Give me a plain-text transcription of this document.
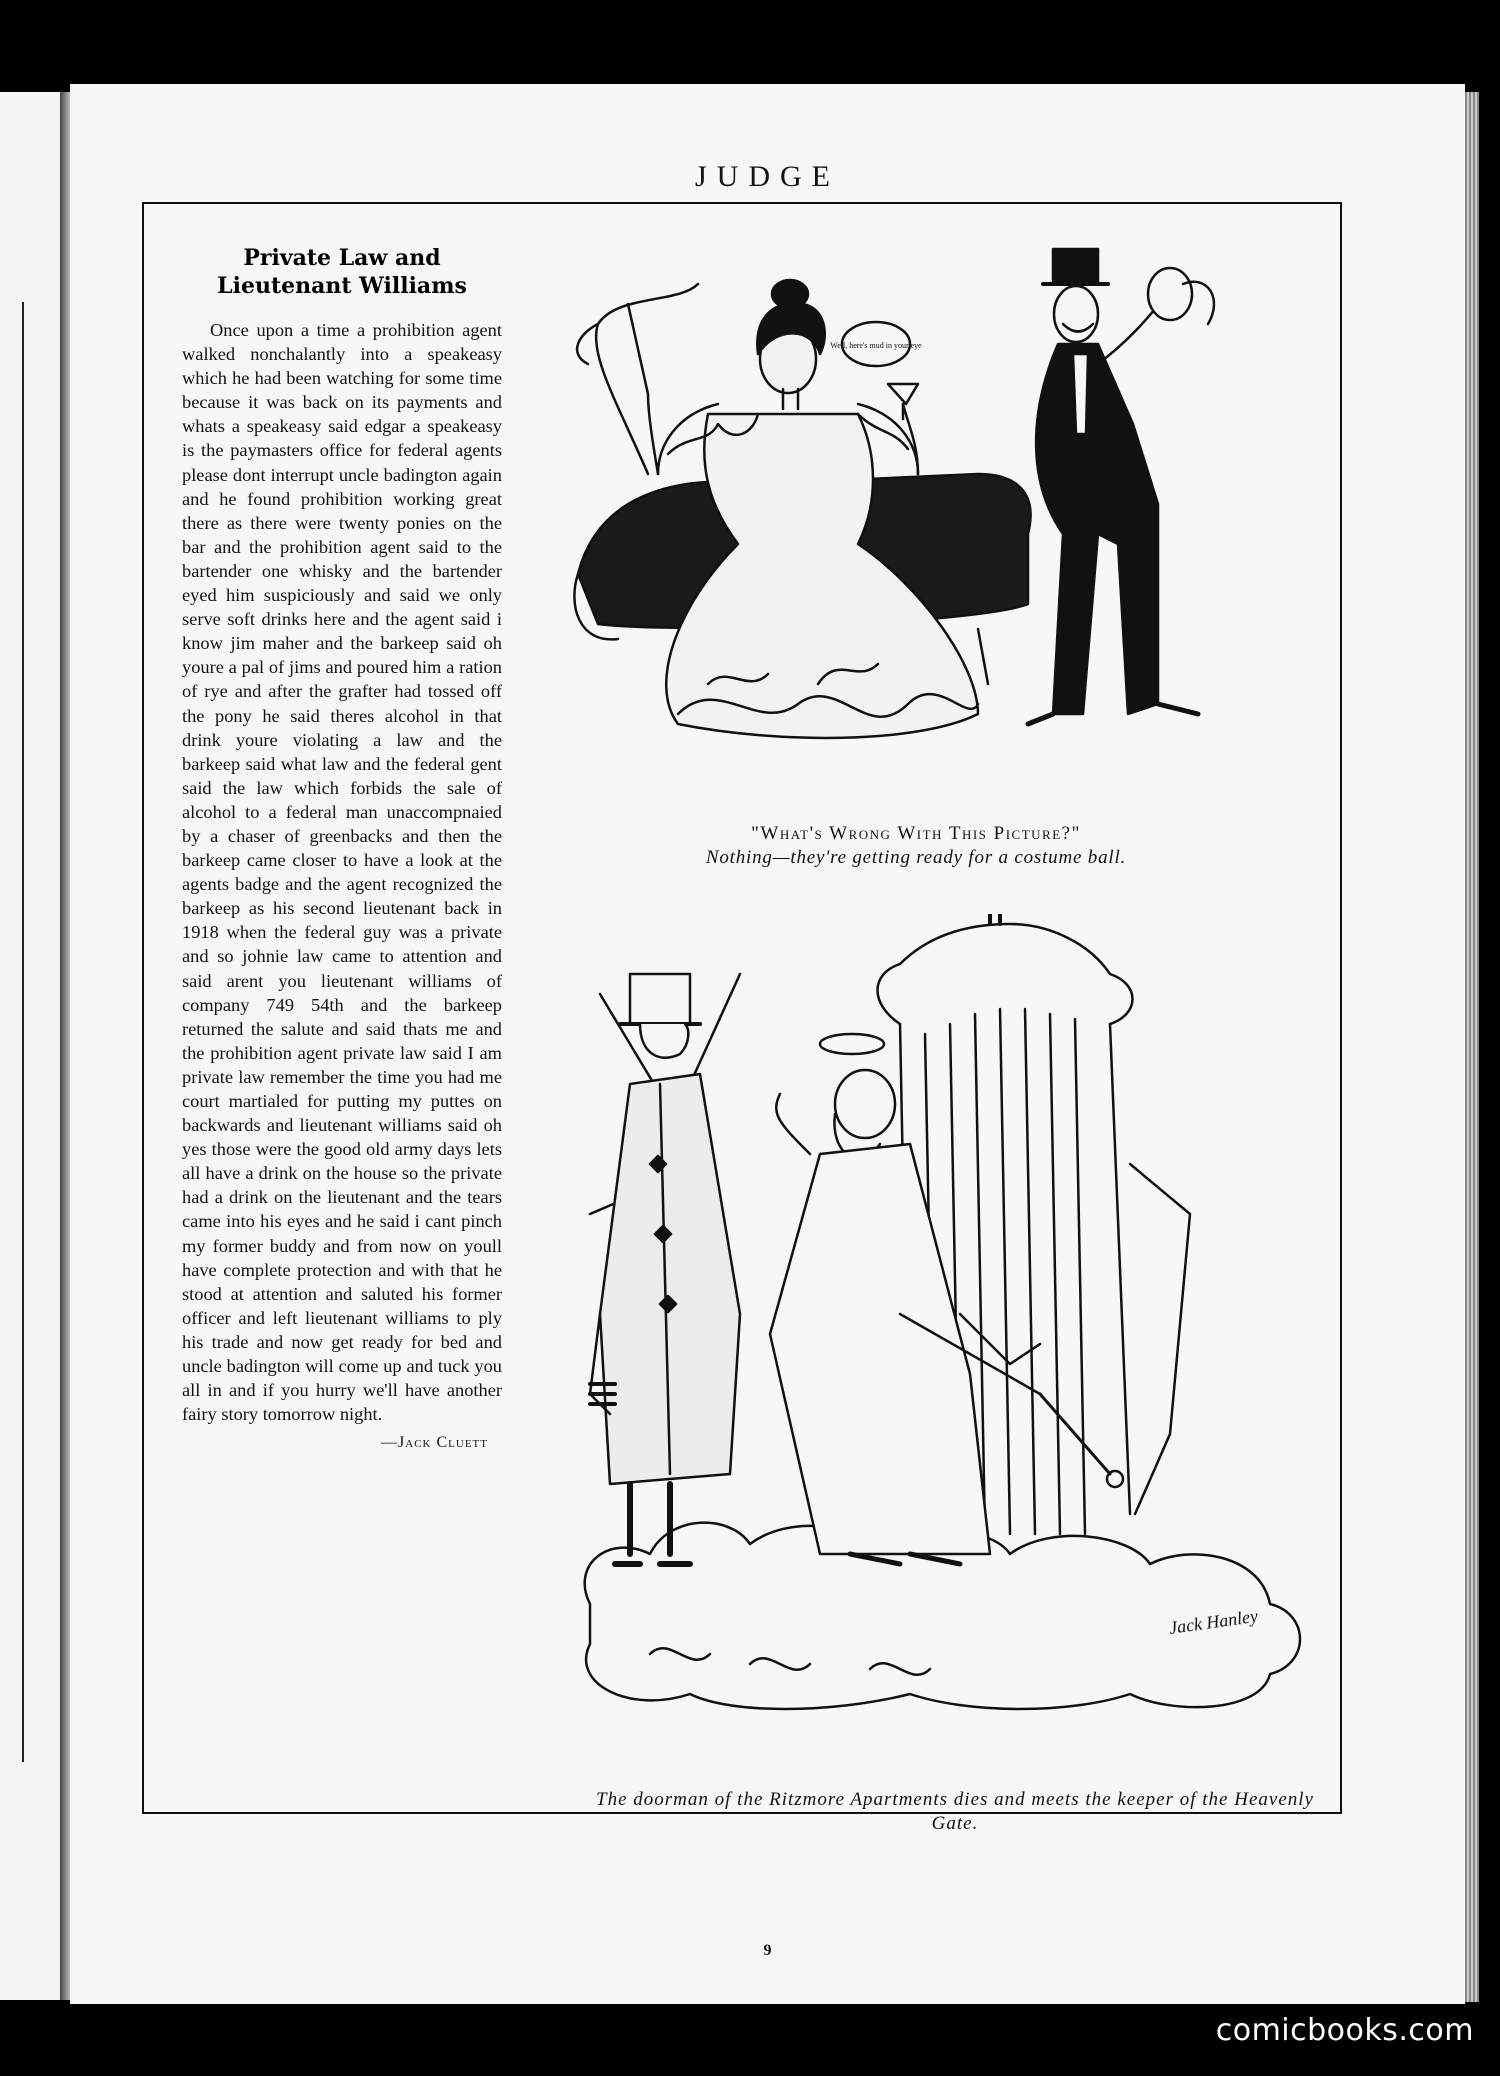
JUDGE
Private Law and Lieutenant Williams

Once upon a time a prohibition agent walked nonchalantly into a speakeasy which he had been watching for some time because it was back on its payments and whats a speakeasy said edgar a speakeasy is the paymasters office for federal agents please dont interrupt uncle badington again and he found prohibition working great there as there were twenty ponies on the bar and the prohibition agent said to the bartender one whisky and the bartender eyed him suspiciously and said we only serve soft drinks here and the agent said i know jim maher and the barkeep said oh youre a pal of jims and poured him a ration of rye and after the grafter had tossed off the pony he said theres alcohol in that drink youre violating a law and the barkeep said what law and the federal gent said the law which forbids the sale of alcohol to a federal man unaccompnaied by a chaser of greenbacks and then the barkeep came closer to have a look at the agents badge and the agent recognized the barkeep as his second lieutenant back in 1918 when the federal guy was a private and so johnie law came to attention and said arent you lieutenant williams of company 749 54th and the barkeep returned the salute and said thats me and the prohibition agent private law said I am private law remember the time you had me court martialed for putting my puttes on backwards and lieutenant williams said oh yes those were the good old army days lets all have a drink on the house so the private had a drink on the lieutenant and the tears came into his eyes and he said i cant pinch my former buddy and from now on youll have complete protection and with that he stood at attention and saluted his former officer and left lieutenant williams to ply his trade and now get ready for bed and uncle badington will come up and tuck you all in and if you hurry we'll have another fairy story tomorrow night.

—Jack Cluett
Well, here's mud in your eye
"What's Wrong With This Picture?"
Nothing—they're getting ready for a costume ball.
Jack Hanley
The doorman of the Ritzmore Apartments dies and meets the keeper of the Heavenly Gate.
9
comicbooks.com
